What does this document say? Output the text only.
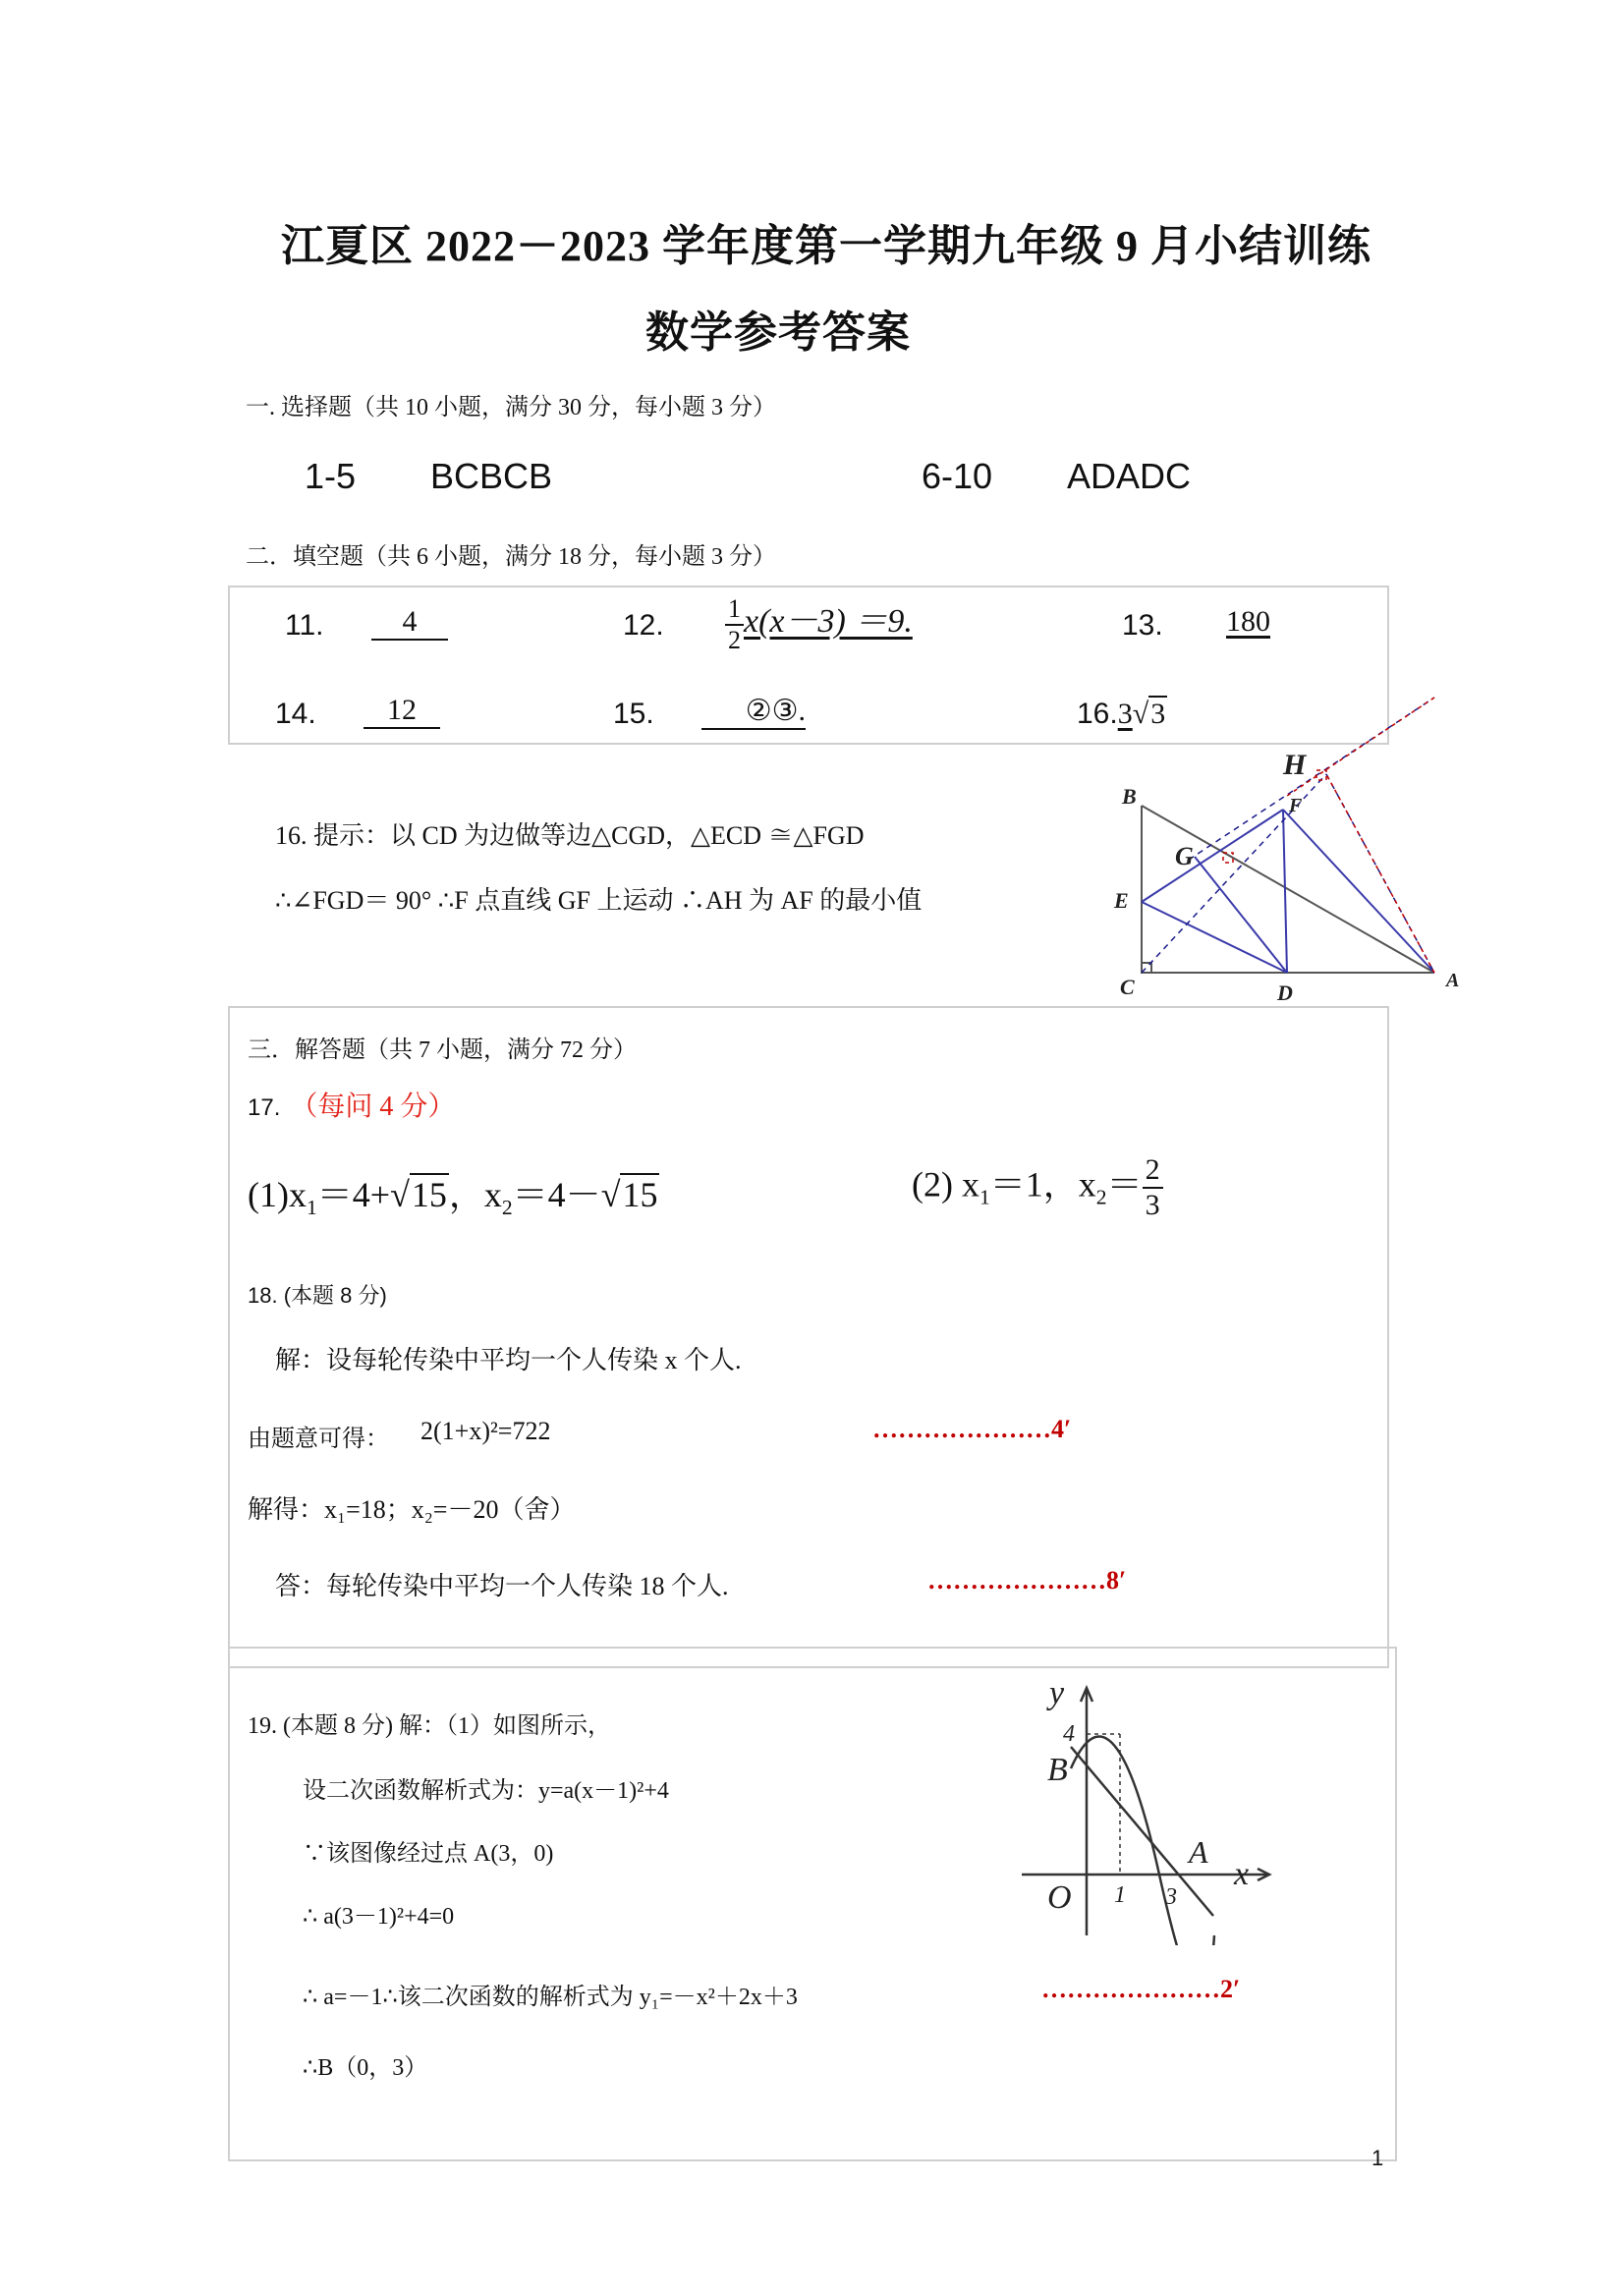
江夏区 2022－2023 学年度第一学期九年级 9 月小结训练
数学参考答案
一. 选择题（共 10 小题，满分 30 分，每小题 3 分）
1-5 BCBCB	6-10 ADADC
二．填空题（共 6 小题，满分 18 分，每小题 3 分）
11.	4	12. $\frac{1}{2} x(x-3) =9$.	13. 180
14.	12	15.	②③.	16.3√3
16. 提示：以 CD 为边做等边△CGD，△ECD ≅△FGD
∴∠FGD＝ 90° ∴F 点直线 GF 上运动 ∴AH 为 AF 的最小值
H
B	F
G
E
C	D	A
三．解答题（共 7 小题，满分 72 分）
17. （每问 4 分）
$(1)x_1=4+√15$，$x_2=4-√15$	(2) $x_1=1$，$x_2= \frac{2}{3}$
18. (本题 8 分)
解：设每轮传染中平均一个人传染 x 个人.
由题意可得： 2(1+x)²=722	…………………4′
解得：x₁=18；x₂=－20（舍）
答：每轮传染中平均一个人传染 18 个人.	…………………8′
19. (本题 8 分) 解：（1）如图所示，
设二次函数解析式为：y=a(x－1)²+4
∵该图像经过点 A(3，0)
∴ a(3－1)²+4=0
∴ a=－1∴该二次函数的解析式为 y₁=－x²＋2x＋3	…………………2′
∴B（0，3）
y
4
B
A
x
O 1 3
1
